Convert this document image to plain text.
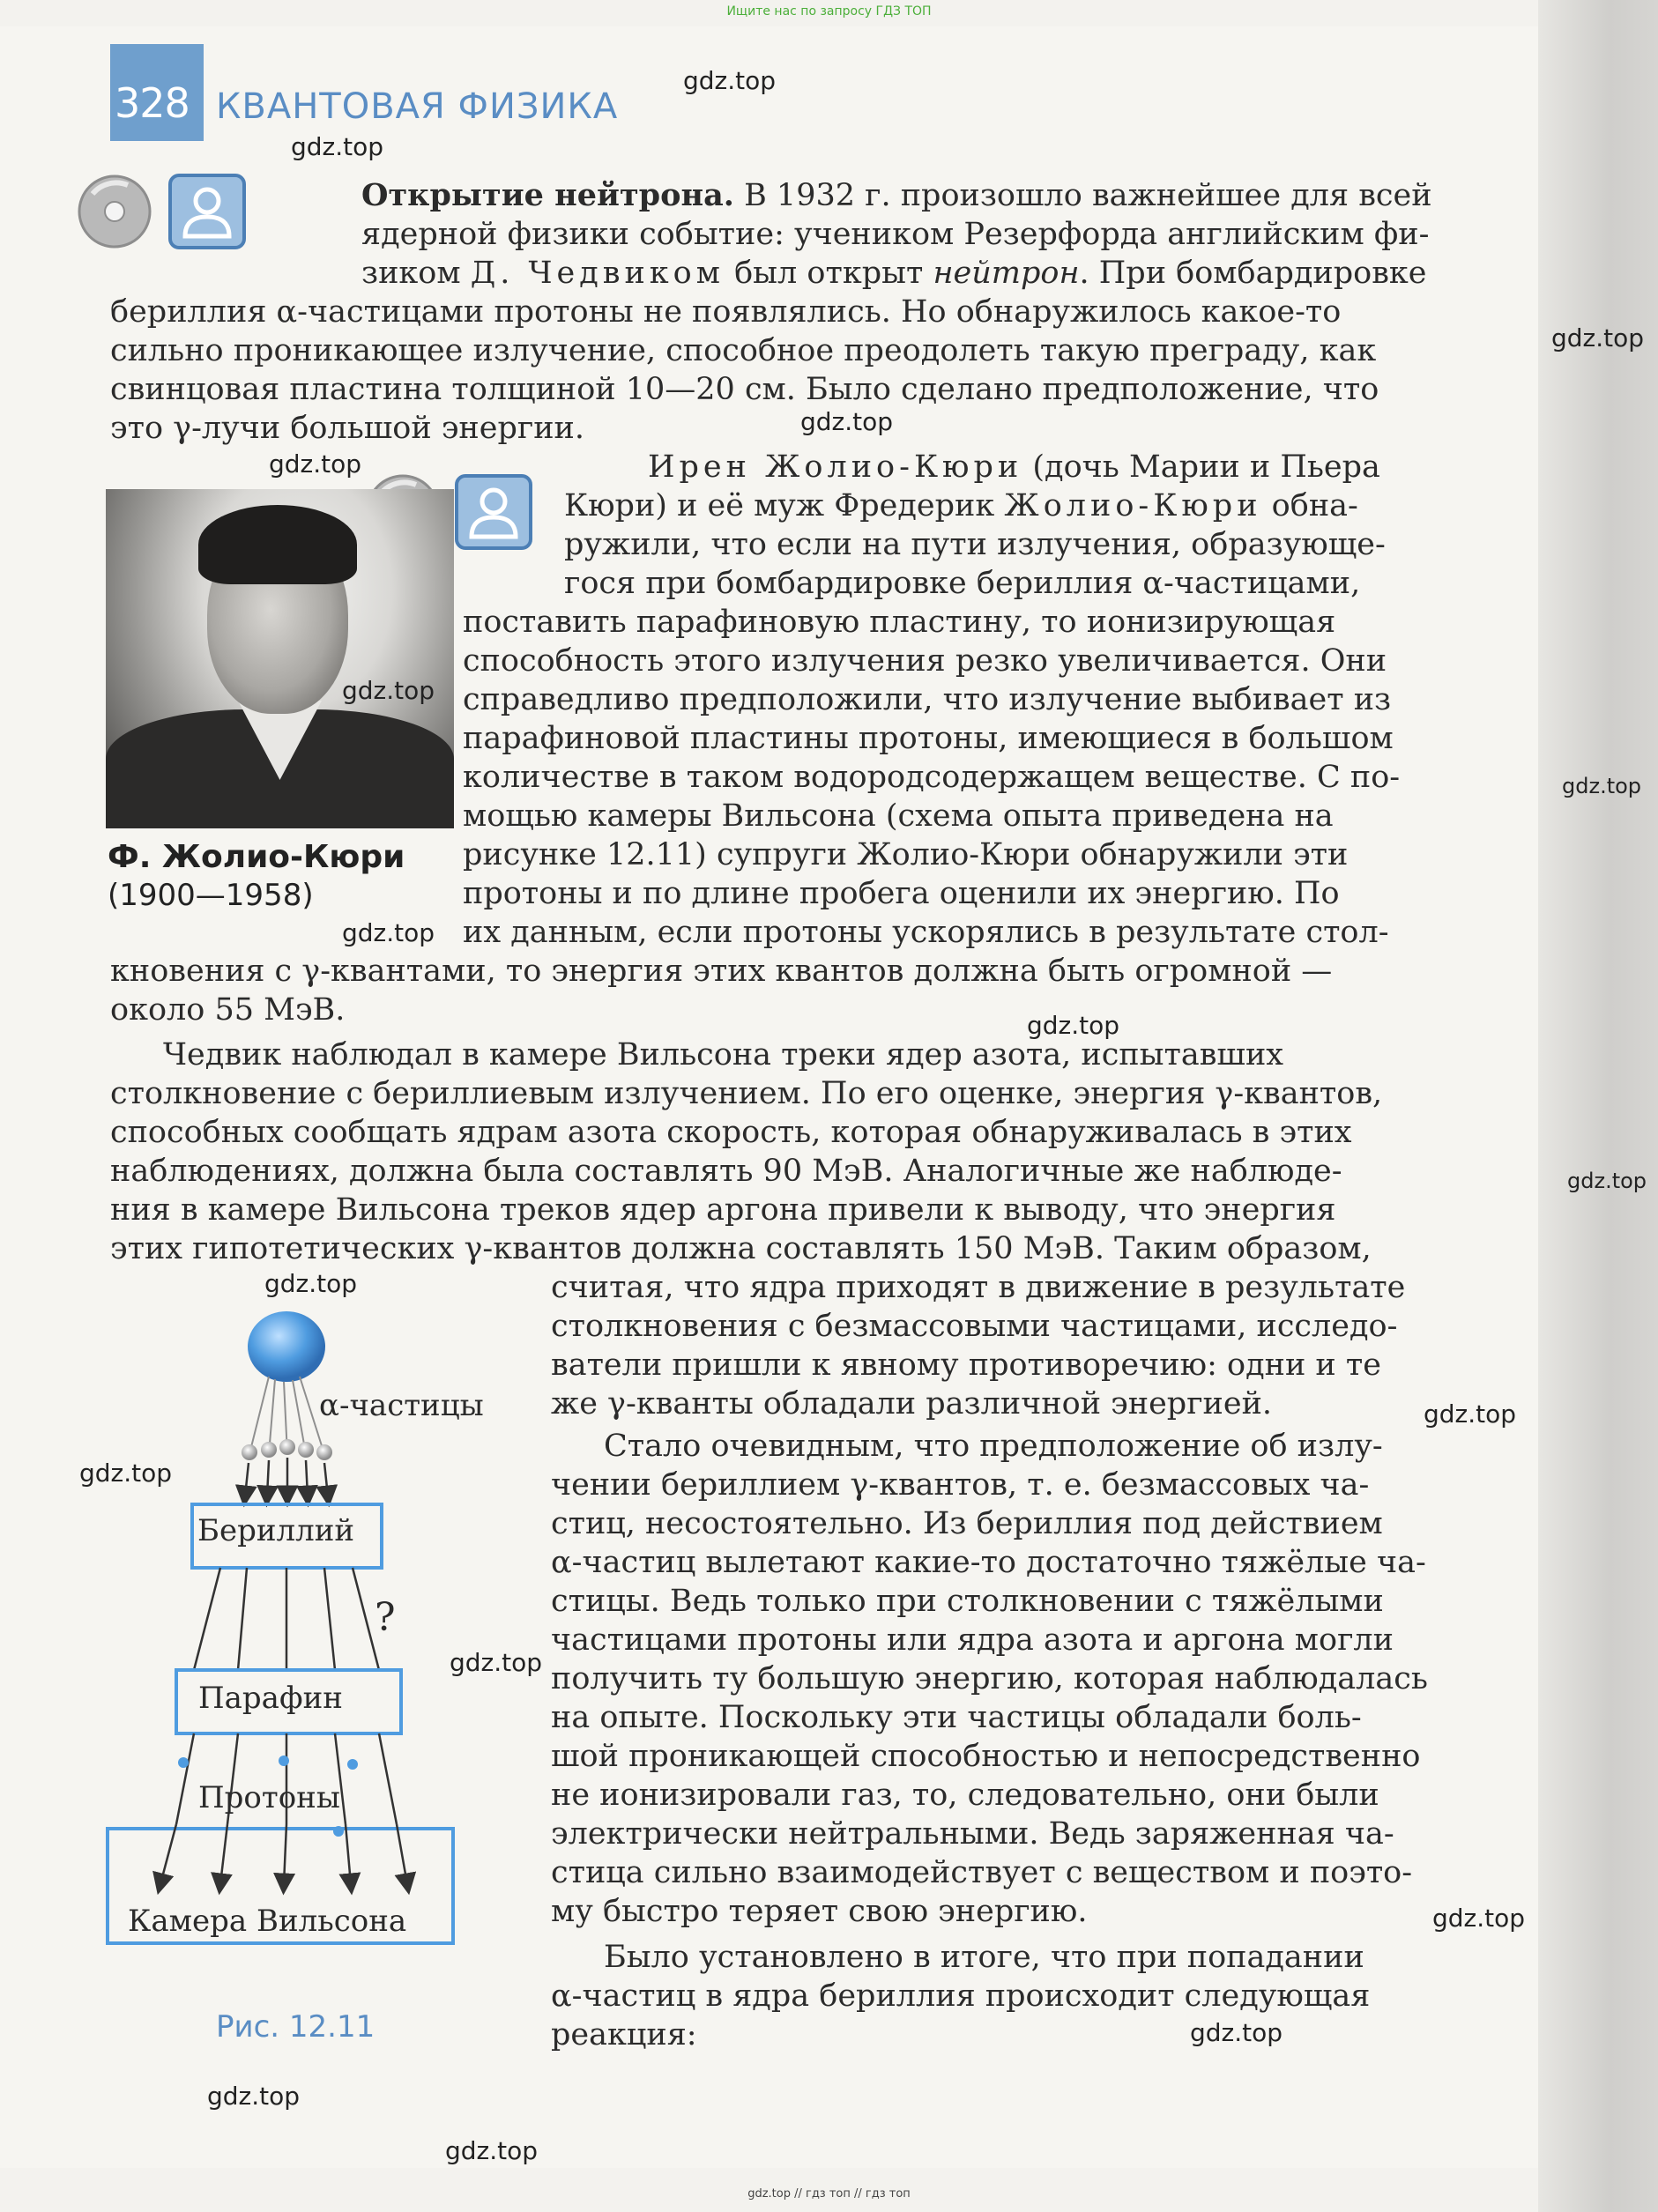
Ищите нас по запросу ГДЗ ТОП
328 КВАНТОВАЯ ФИЗИКА
Открытие нейтрона. В 1932 г. произошло важнейшее для всей
ядерной физики событие: учеником Резерфорда английским фи-
зиком Д. Чедвиком был открыт нейтрон. При бомбардировке
бериллия α-частицами протоны не появлялись. Но обнаружилось какое-то
сильно проникающее излучение, способное преодолеть такую преграду, как
свинцовая пластина толщиной 10—20 см. Было сделано предположение, что
это γ-лучи большой энергии.
Ф. Жолио-Кюри
(1900—1958)
Ирен Жолио-Кюри (дочь Марии и Пьера
Кюри) и её муж Фредерик Жолио-Кюри обна-
ружили, что если на пути излучения, образующе-
гося при бомбардировке бериллия α-частицами,
поставить парафиновую пластину, то ионизирующая
способность этого излучения резко увеличивается. Они
справедливо предположили, что излучение выбивает из
парафиновой пластины протоны, имеющиеся в большом
количестве в таком водородсодержащем веществе. С по-
мощью камеры Вильсона (схема опыта приведена на
рисунке 12.11) супруги Жолио-Кюри обнаружили эти
протоны и по длине пробега оценили их энергию. По
их данным, если протоны ускорялись в результате стол-
кновения с γ-квантами, то энергия этих квантов должна быть огромной —
около 55 МэВ.
Чедвик наблюдал в камере Вильсона треки ядер азота, испытавших
столкновение с бериллиевым излучением. По его оценке, энергия γ-квантов,
способных сообщать ядрам азота скорость, которая обнаруживалась в этих
наблюдениях, должна была составлять 90 МэВ. Аналогичные же наблюде-
ния в камере Вильсона треков ядер аргона привели к выводу, что энергия
этих гипотетических γ-квантов должна составлять 150 МэВ. Таким образом,
считая, что ядра приходят в движение в результате
столкновения с безмассовыми частицами, исследо-
ватели пришли к явному противоречию: одни и те
же γ-кванты обладали различной энергией.
Стало очевидным, что предположение об излу-
чении бериллием γ-квантов, т. е. безмассовых ча-
стиц, несостоятельно. Из бериллия под действием
α-частиц вылетают какие-то достаточно тяжёлые ча-
стицы. Ведь только при столкновении с тяжёлыми
частицами протоны или ядра азота и аргона могли
получить ту большую энергию, которая наблюдалась
на опыте. Поскольку эти частицы обладали боль-
шой проникающей способностью и непосредственно
не ионизировали газ, то, следовательно, они были
электрически нейтральными. Ведь заряженная ча-
стица сильно взаимодействует с веществом и поэто-
му быстро теряет свою энергию.
Было установлено в итоге, что при попадании
α-частиц в ядра бериллия происходит следующая
реакция:
α-частицы
Бериллий
?
Парафин
Протоны
Камера Вильсона
Рис. 12.11
gdz.top
gdz.top
gdz.top
gdz.top
gdz.top
gdz.top
gdz.top
gdz.top
gdz.top
gdz.top
gdz.top
gdz.top
gdz.top
gdz.top
gdz.top
gdz.top
gdz.top
gdz.top
gdz.top // гдз топ // гдз топ
